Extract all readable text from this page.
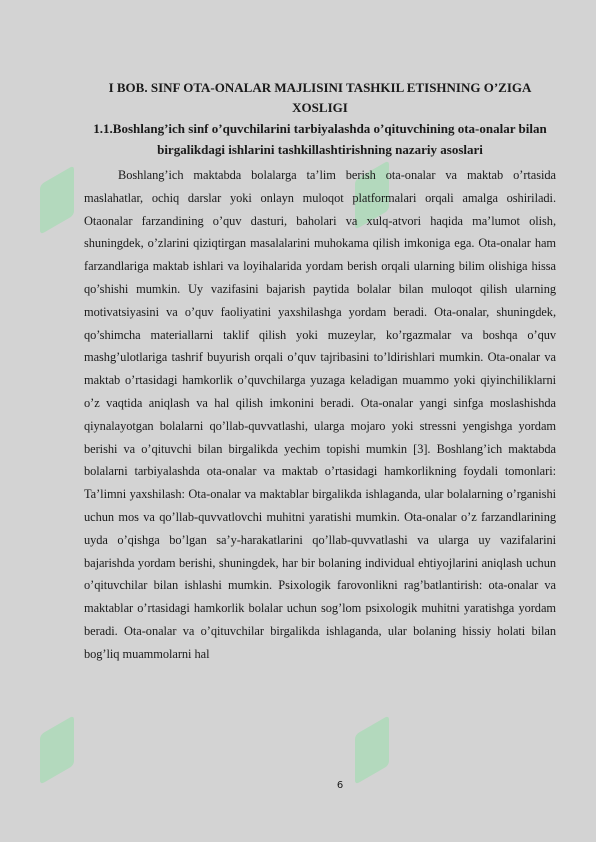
I BOB. SINF OTA-ONALAR MAJLISINI TASHKIL ETISHNING O’ZIGA XOSLIGI

1.1.Boshlang’ich sinf o’quvchilarini tarbiyalashda o’qituvchining ota-onalar bilan birgalikdagi ishlarini tashkillashtirishning nazariy asoslari

Boshlang’ich maktabda bolalarga ta’lim berish ota-onalar va maktab o’rtasida maslahatlar, ochiq darslar yoki onlayn muloqot platformalari orqali amalga oshiriladi. Otaonalar farzandining o’quv dasturi, baholari va xulq-atvori haqida ma’lumot olish, shuningdek, o’zlarini qiziqtirgan masalalarini muhokama qilish imkoniga ega. Ota-onalar ham farzandlariga maktab ishlari va loyihalarida yordam berish orqali ularning bilim olishiga hissa qo’shishi mumkin. Uy vazifasini bajarish paytida bolalar bilan muloqot qilish ularning motivatsiyasini va o’quv faoliyatini yaxshilashga yordam beradi. Ota-onalar, shuningdek, qo’shimcha materiallarni taklif qilish yoki muzeylar, ko’rgazmalar va boshqa o’quv mashg’ulotlariga tashrif buyurish orqali o’quv tajribasini to’ldirishlari mumkin. Ota-onalar va maktab o’rtasidagi hamkorlik o’quvchilarga yuzaga keladigan muammo yoki qiyinchiliklarni o’z vaqtida aniqlash va hal qilish imkonini beradi. Ota-onalar yangi sinfga moslashishda qiynalayotgan bolalarni qo’llab-quvvatlashi, ularga mojaro yoki stressni yengishga yordam berishi va o’qituvchi bilan birgalikda yechim topishi mumkin [3]. Boshlang’ich maktabda bolalarni tarbiyalashda ota-onalar va maktab o’rtasidagi hamkorlikning foydali tomonlari: Ta’limni yaxshilash: Ota-onalar va maktablar birgalikda ishlaganda, ular bolalarning o’rganishi uchun mos va qo’llab-quvvatlovchi muhitni yaratishi mumkin. Ota-onalar o’z farzandlarining uyda o’qishga bo’lgan sa’y-harakatlarini qo’llab-quvvatlashi va ularga uy vazifalarini bajarishda yordam berishi, shuningdek, har bir bolaning individual ehtiyojlarini aniqlash uchun o’qituvchilar bilan ishlashi mumkin. Psixologik farovonlikni rag’batlantirish: ota-onalar va maktablar o’rtasidagi hamkorlik bolalar uchun sog’lom psixologik muhitni yaratishga yordam beradi. Ota-onalar va o’qituvchilar birgalikda ishlaganda, ular bolaning hissiy holati bilan bog’liq muammolarni hal

6
